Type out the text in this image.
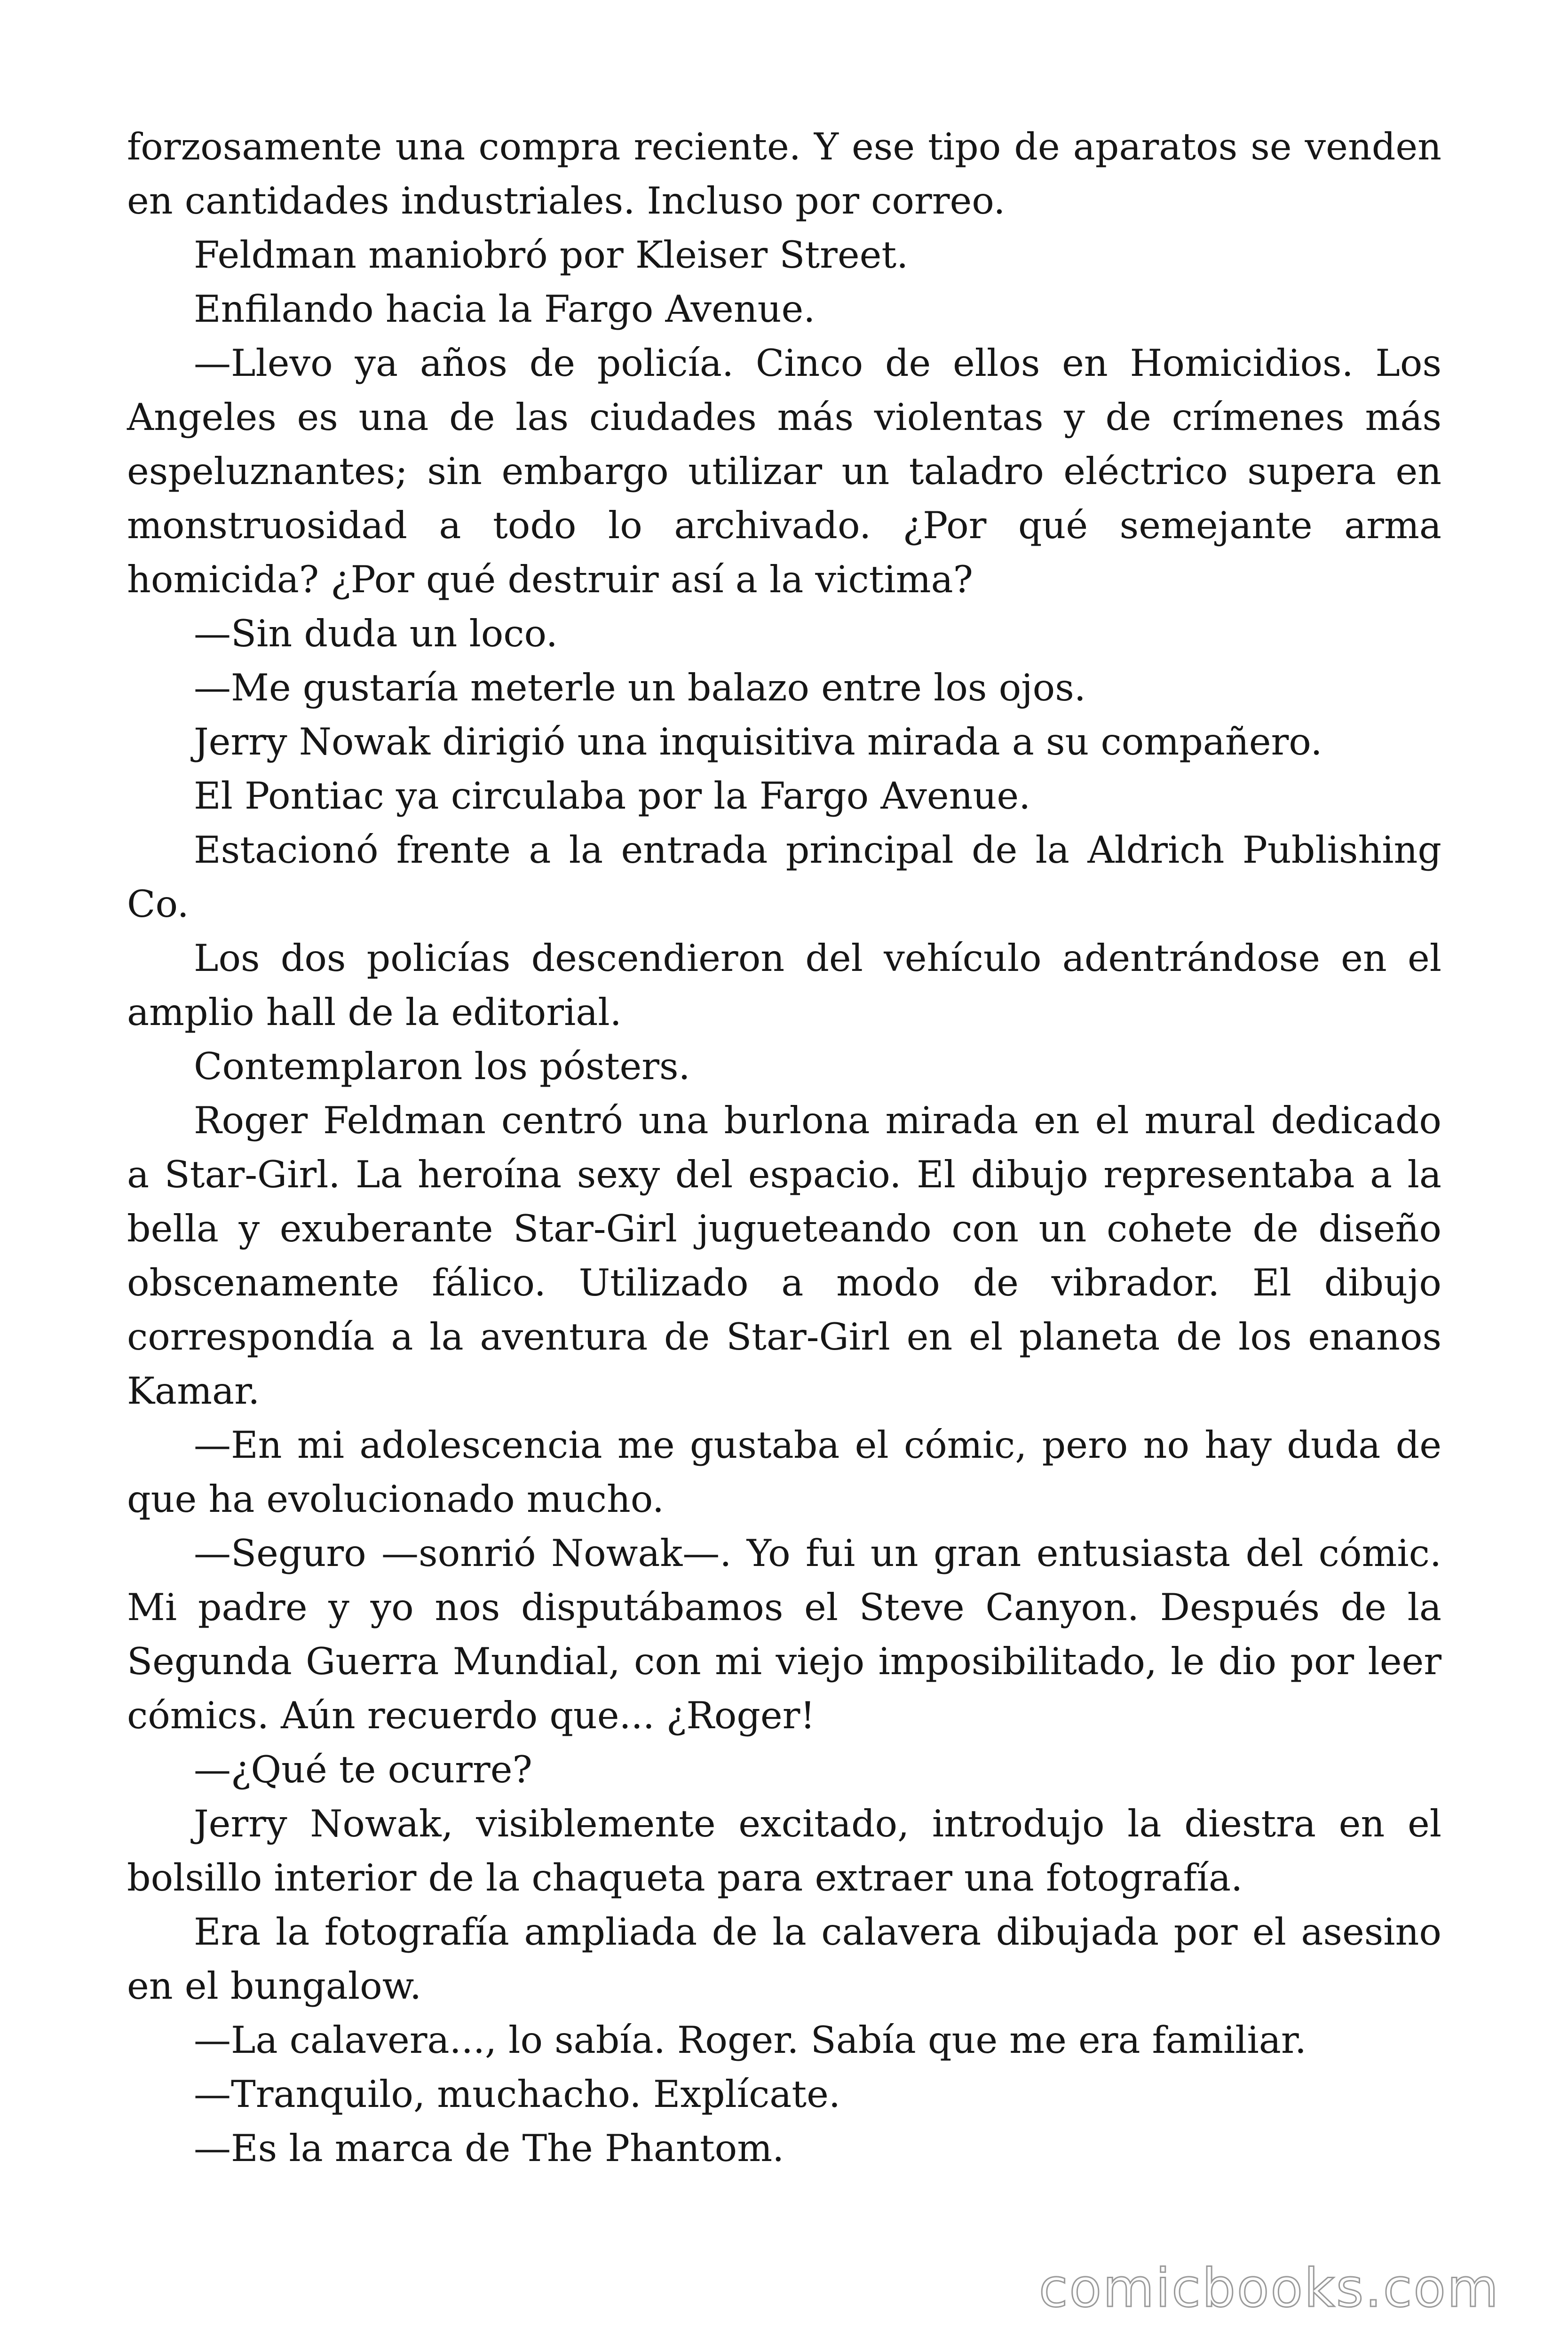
forzosamente una compra reciente. Y ese tipo de aparatos se venden en cantidades industriales. Incluso por correo.

Feldman maniobró por Kleiser Street.

Enfilando hacia la Fargo Avenue.

—Llevo ya años de policía. Cinco de ellos en Homicidios. Los Angeles es una de las ciudades más violentas y de crímenes más espeluznantes; sin embargo utilizar un taladro eléctrico supera en monstruosidad a todo lo archivado. ¿Por qué semejante arma homicida? ¿Por qué destruir así a la victima?

—Sin duda un loco.

—Me gustaría meterle un balazo entre los ojos.

Jerry Nowak dirigió una inquisitiva mirada a su compañero.

El Pontiac ya circulaba por la Fargo Avenue.

Estacionó frente a la entrada principal de la Aldrich Publishing Co.

Los dos policías descendieron del vehículo adentrándose en el amplio hall de la editorial.

Contemplaron los pósters.

Roger Feldman centró una burlona mirada en el mural dedicado a Star-Girl. La heroína sexy del espacio. El dibujo representaba a la bella y exuberante Star-Girl jugueteando con un cohete de diseño obscenamente fálico. Utilizado a modo de vibrador. El dibujo correspondía a la aventura de Star-Girl en el planeta de los enanos Kamar.

—En mi adolescencia me gustaba el cómic, pero no hay duda de que ha evolucionado mucho.

—Seguro —sonrió Nowak—. Yo fui un gran entusiasta del cómic. Mi padre y yo nos disputábamos el Steve Canyon. Después de la Segunda Guerra Mundial, con mi viejo imposibilitado, le dio por leer cómics. Aún recuerdo que... ¿Roger!

—¿Qué te ocurre?

Jerry Nowak, visiblemente excitado, introdujo la diestra en el bolsillo interior de la chaqueta para extraer una fotografía.

Era la fotografía ampliada de la calavera dibujada por el asesino en el bungalow.

—La calavera..., lo sabía. Roger. Sabía que me era familiar.

—Tranquilo, muchacho. Explícate.

—Es la marca de The Phantom.

comicbooks.com
